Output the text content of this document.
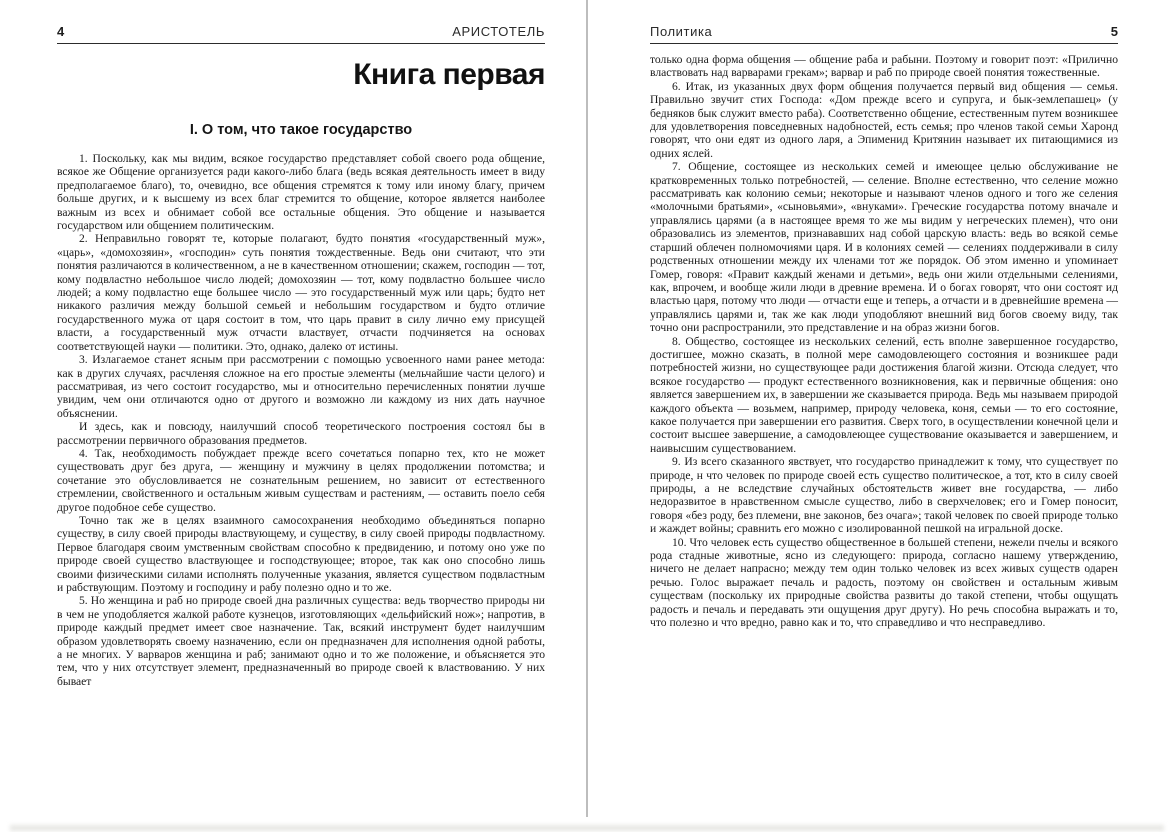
4	АРИСТОТЕЛЬ
Книга первая
I. О том, что такое государство

1. Поскольку, как мы видим, всякое государство представляет собой своего рода общение, всякое же Общение организуется ради какого-либо блага (ведь всякая деятельность имеет в виду предполагаемое благо), то, очевидно, все общения стремятся к тому или иному благу, причем больше других, и к высшему из всех благ стремится то общение, которое является наиболее важным из всех и обнимает собой все остальные общения. Это общение и называется государством или общением политическим.

2. Неправильно говорят те, которые полагают, будто понятия «государственный муж», «царь», «домохозяин», «господин» суть понятия тождественные. Ведь они считают, что эти понятия различаются в количественном, а не в качественном отношении; скажем, господин — тот, кому подвластно небольшое число людей; домохозяин — тот, кому подвластно большее число людей; а кому подвластно еще большее число — это государственный муж или царь; будто нет никакого различия между большой семьей и небольшим государством и будто отличие государственного мужа от царя состоит в том, что царь правит в силу лично ему присущей власти, а государственный муж отчасти властвует, отчасти подчиняется на основах соответствующей науки — политики. Это, однако, далеко от истины.

3. Излагаемое станет ясным при рассмотрении с помощью усвоенного нами ранее метода: как в других случаях, расчленяя сложное на его простые элементы (мельчайшие части целого) и рассматривая, из чего состоит государство, мы и относительно перечисленных понятии лучше увидим, чем они отличаются одно от другого и возможно ли каждому из них дать научное объяснении.

И здесь, как и повсюду, наилучший способ теоретического построения состоял бы в рассмотрении первичного образования предметов.

4. Так, необходимость побуждает прежде всего сочетаться попарно тех, кто не может существовать друг без друга, — женщину и мужчину в целях продолжении потомства; и сочетание это обусловливается не сознательным решением, но зависит от естественного стремлении, свойственного и остальным живым существам и растениям, — оставить поело себя другое подобное себе существо.

Точно так же в целях взаимного самосохранения необходимо объединяться попарно существу, в силу своей природы властвующему, и существу, в силу своей природы подвластному. Первое благодаря своим умственным свойствам способно к предвидению, и потому оно уже по природе своей существо властвующее и господствующее; второе, так как оно способно лишь своими физическими силами исполнять полученные указания, является существом подвластным и рабствующим. Поэтому и господину и рабу полезно одно и то же.

5. Но женщина и раб но природе своей дна различных существа: ведь творчество природы ни в чем не уподобляется жалкой работе кузнецов, изготовляющих «дельфийский нож»; напротив, в природе каждый предмет имеет свое назначение. Так, всякий инструмент будет наилучшим образом удовлетворять своему назначению, если он предназначен для исполнения одной работы, а не многих. У варваров женщина и раб; занимают одно и то же положение, и объясняется это тем, что у них отсутствует элемент, предназначенный во природе своей к властвованию. У них бывает

Политика	5

только одна форма общения — общение раба и рабыни. Поэтому и говорит поэт: «Прилично властвовать над варварами грекам»; варвар и раб по природе своей понятия тожественные.

6. Итак, из указанных двух форм общения получается первый вид общения — семья. Правильно звучит стих Господа: «Дом прежде всего и супруга, и бык-землепашец» (у бедняков бык служит вместо раба). Соответственно общение, естественным путем возникшее для удовлетворения повседневных надобностей, есть семья; про членов такой семьи Харонд говорят, что они едят из одного ларя, а Эпименид Критянин называет их питающимися из одних яслей.

7. Общение, состоящее из нескольких семей и имеющее целью обслуживание не кратковременных только потребностей, — селение. Вполне естественно, что селение можно рассматривать как колонию семьи; некоторые и называют членов одного и того же селения «молочными братьями», «сыновьями», «внуками». Греческие государства потому вначале и управлялись царями (а в настоящее время то же мы видим у негреческих племен), что они образовались из элементов, признававших над собой царскую власть: ведь во всякой семье старший облечен полномочиями царя. И в колониях семей — селениях поддерживали в силу родственных отношении между их членами тот же порядок. Об этом именно и упоминает Гомер, говоря: «Правит каждый женами и детьми», ведь они жили отдельными селениями, как, впрочем, и вообще жили люди в древние времена. И о богах говорят, что они состоят ид властью царя, потому что люди — отчасти еще и теперь, а отчасти и в древнейшие времена — управлялись царями и, так же как люди уподобляют внешний вид богов своему виду, так точно они распространили, это представление и на образ жизни богов.

8. Общество, состоящее из нескольких селений, есть вполне завершенное государство, достигшее, можно сказать, в полной мере самодовлеющего состояния и возникшее ради потребностей жизни, но существующее ради достижения благой жизни. Отсюда следует, что всякое государство — продукт естественного возникновения, как и первичные общения: оно является завершением их, в завершении же сказывается природа. Ведь мы называем природой каждого объекта — возьмем, например, природу человека, коня, семьи — то его состояние, какое получается при завершении его развития. Сверх того, в осуществлении конечной цели и состоит высшее завершение, а самодовлеющее существование оказывается и завершением, и наивысшим существованием.

9. Из всего сказанного явствует, что государство принадлежит к тому, что существует по природе, н что человек по природе своей есть существо политическое, а тот, кто в силу своей природы, а не вследствие случайных обстоятельств живет вне государства, — либо недоразвитое в нравственном смысле существо, либо в сверхчеловек; его и Гомер поносит, говоря «без роду, без племени, вне законов, без очага»; такой человек по своей природе только и жаждет войны; сравнить его можно с изолированной пешкой на игральной доске.

10. Что человек есть существо общественное в большей степени, нежели пчелы и всякого рода стадные животные, ясно из следующего: природа, согласно нашему утверждению, ничего не делает напрасно; между тем один только человек из всех живых существ одарен речью. Голос выражает печаль и радость, поэтому он свойствен и остальным живым существам (поскольку их природные свойства развиты до такой степени, чтобы ощущать радость и печаль и передавать эти ощущения друг другу). Но речь способна выражать и то, что полезно и что вредно, равно как и то, что справедливо и что несправедливо.
